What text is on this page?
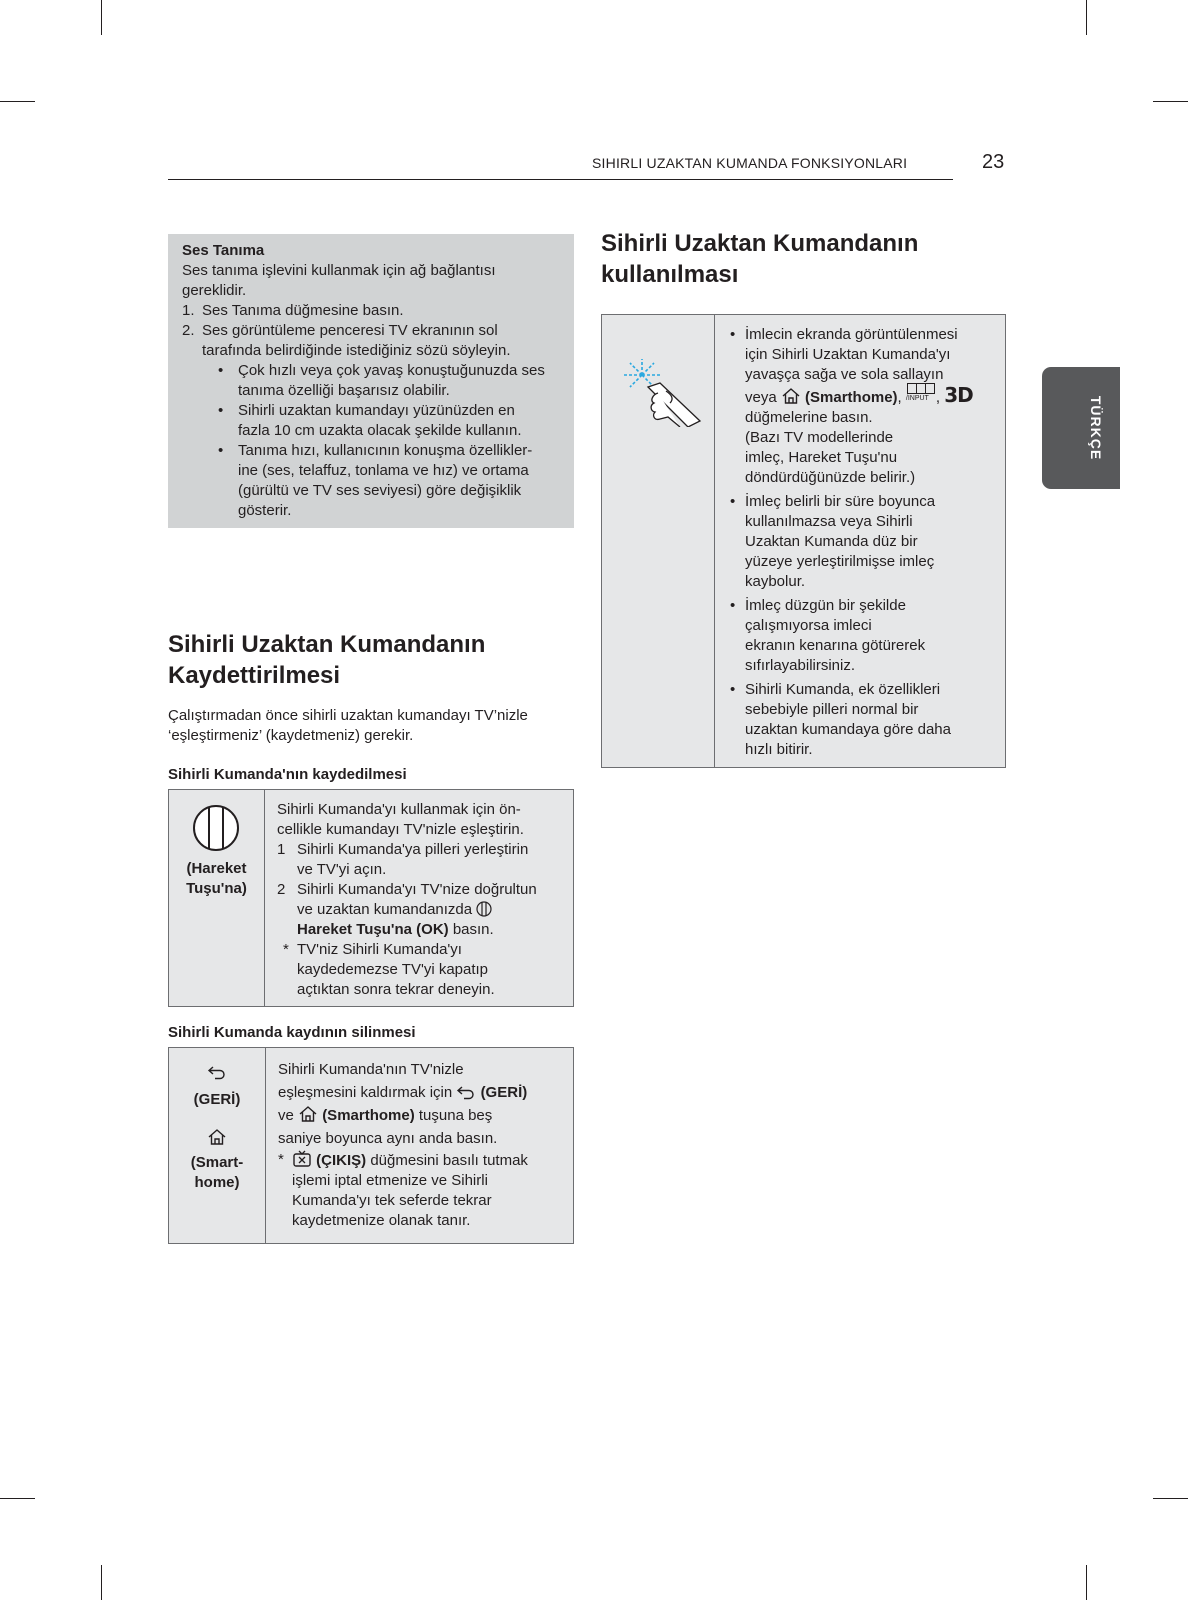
SIHIRLI UZAKTAN KUMANDA FONKSIYONLARI	23
TÜRKÇE
Ses Tanıma
Ses tanıma işlevini kullanmak için ağ bağlantısı
gereklidir.
1. Ses Tanıma düğmesine basın.
2. Ses görüntüleme penceresi TV ekranının sol
tarafında belirdiğinde istediğiniz sözü söyleyin.
• Çok hızlı veya çok yavaş konuştuğunuzda ses
tanıma özelliği başarısız olabilir.
• Sihirli uzaktan kumandayı yüzünüzden en
fazla 10 cm uzakta olacak şekilde kullanın.
• Tanıma hızı, kullanıcının konuşma özellikler-
ine (ses, telaffuz, tonlama ve hız) ve ortama
(gürültü ve TV ses seviyesi) göre değişiklik
gösterir.
Sihirli Uzaktan Kumandanın
Kaydettirilmesi
Çalıştırmadan önce sihirli uzaktan kumandayı TV’nizle
‘eşleştirmeniz’ (kaydetmeniz) gerekir.
Sihirli Kumanda'nın kaydedilmesi
(Hareket
Tuşu'na)
Sihirli Kumanda'yı kullanmak için ön-
cellikle kumandayı TV'nizle eşleştirin.
1 Sihirli Kumanda'ya pilleri yerleştirin
ve TV'yi açın.
2 Sihirli Kumanda'yı TV'nize doğrultun
ve uzaktan kumandanızda
Hareket Tuşu'na (OK) basın.
* TV'niz Sihirli Kumanda'yı
kaydedemezse TV'yi kapatıp
açtıktan sonra tekrar deneyin.
Sihirli Kumanda kaydının silinmesi
(GERİ)
(Smart-
home)
Sihirli Kumanda'nın TV'nizle
eşleşmesini kaldırmak için  (GERİ)
ve  (Smarthome) tuşuna beş
saniye boyunca aynı anda basın.
*	(ÇIKIŞ) düğmesini basılı tutmak
işlemi iptal etmenize ve Sihirli
Kumanda'yı tek seferde tekrar
kaydetmenize olanak tanır.
Sihirli Uzaktan Kumandanın
kullanılması
• İmlecin ekranda görüntülenmesi
için Sihirli Uzaktan Kumanda'yı
yavaşça sağa ve sola sallayın
veya  (Smarthome), /INPUT , 3D
düğmelerine basın.
(Bazı TV modellerinde
imleç, Hareket Tuşu'nu
döndürdüğünüzde belirir.)
• İmleç belirli bir süre boyunca
kullanılmazsa veya Sihirli
Uzaktan Kumanda düz bir
yüzeye yerleştirilmişse imleç
kaybolur.
• İmleç düzgün bir şekilde
çalışmıyorsa imleci
ekranın kenarına götürerek
sıfırlayabilirsiniz.
• Sihirli Kumanda, ek özellikleri
sebebiyle pilleri normal bir
uzaktan kumandaya göre daha
hızlı bitirir.
